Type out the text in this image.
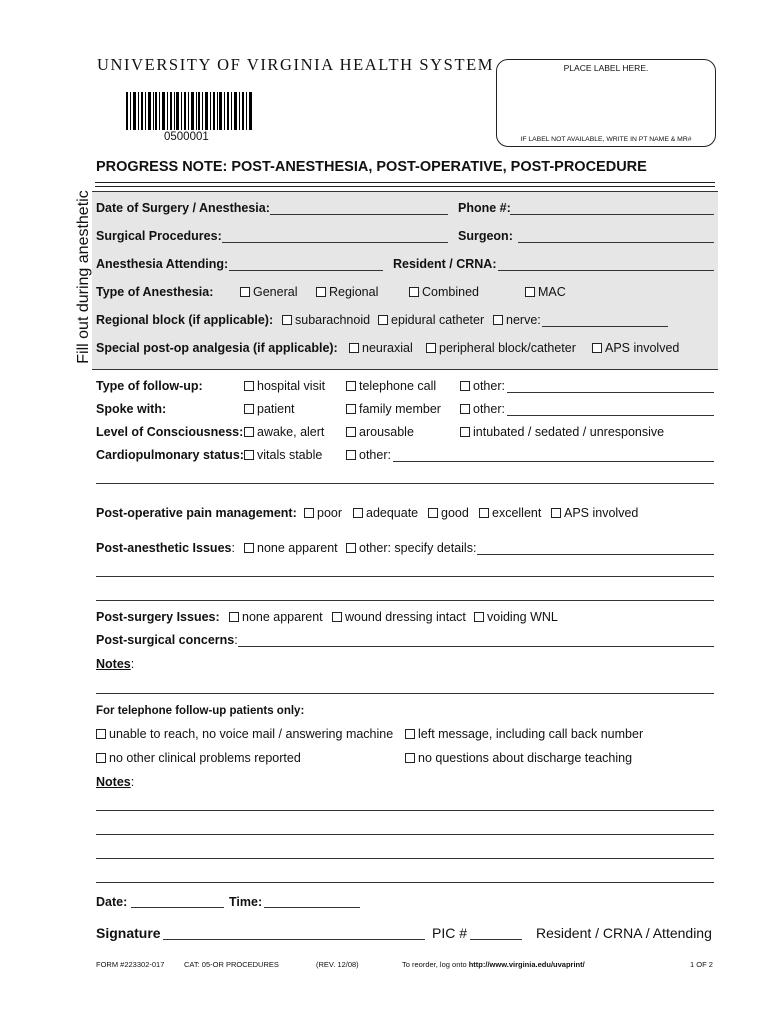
UNIVERSITY OF VIRGINIA HEALTH SYSTEM
0500001
PLACE LABEL HERE.
IF LABEL NOT AVAILABLE, WRITE IN PT NAME & MR#
PROGRESS NOTE: POST-ANESTHESIA, POST-OPERATIVE, POST-PROCEDURE
Fill out during anesthetic Date of Surgery / Anesthesia:	Phone #:
Surgical Procedures:	Surgeon:
Anesthesia Attending:	Resident / CRNA:
Type of Anesthesia:	General	Regional	Combined	MAC
Regional block (if applicable):	subarachnoid	epidural catheter	nerve:
Special post-op analgesia (if applicable):	neuraxial	peripheral block/catheter	APS involved
Type of follow-up:	hospital visit	telephone call	other:
Spoke with:	patient	family member	other:
Level of Consciousness:	awake, alert	arousable	intubated / sedated / unresponsive
Cardiopulmonary status:	vitals stable	other:
Post-operative pain management:	poor	adequate	good	excellent	APS involved
Post-anesthetic Issues:	none apparent	other: specify details:
Post-surgery Issues:	none apparent	wound dressing intact	voiding WNL
Post-surgical concerns:
Notes:
For telephone follow-up patients only:
unable to reach, no voice mail / answering machine	left message, including call back number
no other clinical problems reported	no questions about discharge teaching
Notes:
Date:	Time:
Signature	PIC #	Resident / CRNA / Attending
FORM #223302-017	CAT: 05-OR PROCEDURES	(REV. 12/08)	To reorder, log onto http://www.virginia.edu/uvaprint/	1 OF 2
